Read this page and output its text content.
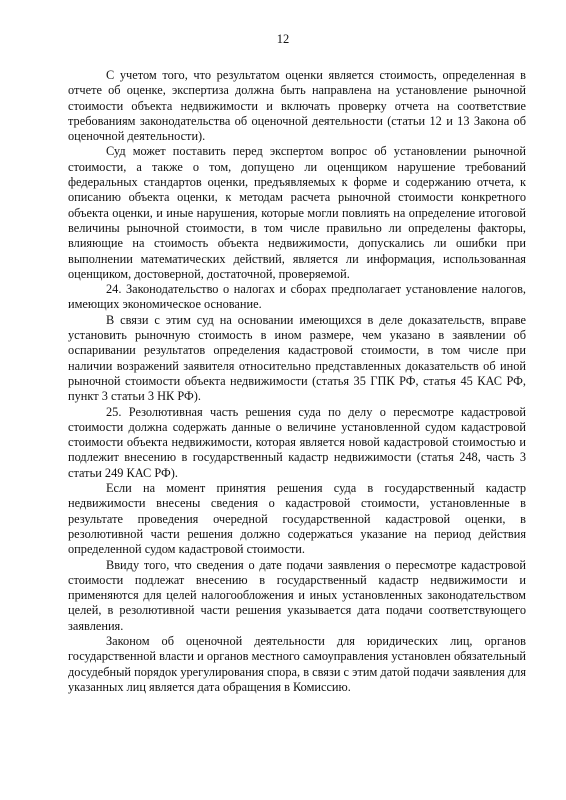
12

С учетом того, что результатом оценки является стоимость, определенная в отчете об оценке, экспертиза должна быть направлена на установление рыночной стоимости объекта недвижимости и включать проверку отчета на соответствие требованиям законодательства об оценочной деятельности (статьи 12 и 13 Закона об оценочной деятельности).

Суд может поставить перед экспертом вопрос об установлении рыночной стоимости, а также о том, допущено ли оценщиком нарушение требований федеральных стандартов оценки, предъявляемых к форме и содержанию отчета, к описанию объекта оценки, к методам расчета рыночной стоимости конкретного объекта оценки, и иные нарушения, которые могли повлиять на определение итоговой величины рыночной стоимости, в том числе правильно ли определены факторы, влияющие на стоимость объекта недвижимости, допускались ли ошибки при выполнении математических действий, является ли информация, использованная оценщиком, достоверной, достаточной, проверяемой.

24. Законодательство о налогах и сборах предполагает установление налогов, имеющих экономическое основание.

В связи с этим суд на основании имеющихся в деле доказательств, вправе установить рыночную стоимость в ином размере, чем указано в заявлении об оспаривании результатов определения кадастровой стоимости, в том числе при наличии возражений заявителя относительно представленных доказательств об иной рыночной стоимости объекта недвижимости (статья 35 ГПК РФ, статья 45 КАС РФ, пункт 3 статьи 3 НК РФ).

25. Резолютивная часть решения суда по делу о пересмотре кадастровой стоимости должна содержать данные о величине установленной судом кадастровой стоимости объекта недвижимости, которая является новой кадастровой стоимостью и подлежит внесению в государственный кадастр недвижимости (статья 248, часть 3 статьи 249 КАС РФ).

Если на момент принятия решения суда в государственный кадастр недвижимости внесены сведения о кадастровой стоимости, установленные в результате проведения очередной государственной кадастровой оценки, в резолютивной части решения должно содержаться указание на период действия определенной судом кадастровой стоимости.

Ввиду того, что сведения о дате подачи заявления о пересмотре кадастровой стоимости подлежат внесению в государственный кадастр недвижимости и применяются для целей налогообложения и иных установленных законодательством целей, в резолютивной части решения указывается дата подачи соответствующего заявления.

Законом об оценочной деятельности для юридических лиц, органов государственной власти и органов местного самоуправления установлен обязательный досудебный порядок урегулирования спора, в связи с этим датой подачи заявления для указанных лиц является дата обращения в Комиссию.
